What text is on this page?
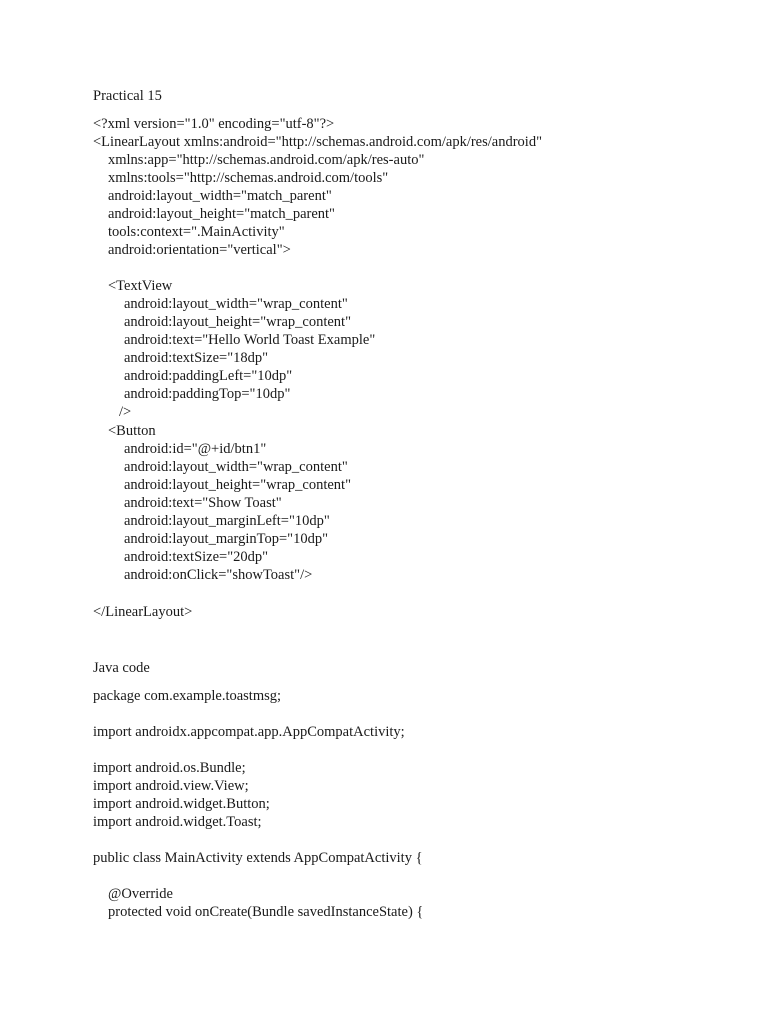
Practical 15
<?xml version="1.0" encoding="utf-8"?>
<LinearLayout xmlns:android="http://schemas.android.com/apk/res/android"
xmlns:app="http://schemas.android.com/apk/res-auto"
xmlns:tools="http://schemas.android.com/tools"
android:layout_width="match_parent"
android:layout_height="match_parent"
tools:context=".MainActivity"
android:orientation="vertical">
<TextView
android:layout_width="wrap_content"
android:layout_height="wrap_content"
android:text="Hello World Toast Example"
android:textSize="18dp"
android:paddingLeft="10dp"
android:paddingTop="10dp"
/>
<Button
android:id="@+id/btn1"
android:layout_width="wrap_content"
android:layout_height="wrap_content"
android:text="Show Toast"
android:layout_marginLeft="10dp"
android:layout_marginTop="10dp"
android:textSize="20dp"
android:onClick="showToast"/>
</LinearLayout>
Java code
package com.example.toastmsg;
import androidx.appcompat.app.AppCompatActivity;
import android.os.Bundle;
import android.view.View;
import android.widget.Button;
import android.widget.Toast;
public class MainActivity extends AppCompatActivity {
@Override
protected void onCreate(Bundle savedInstanceState) {
